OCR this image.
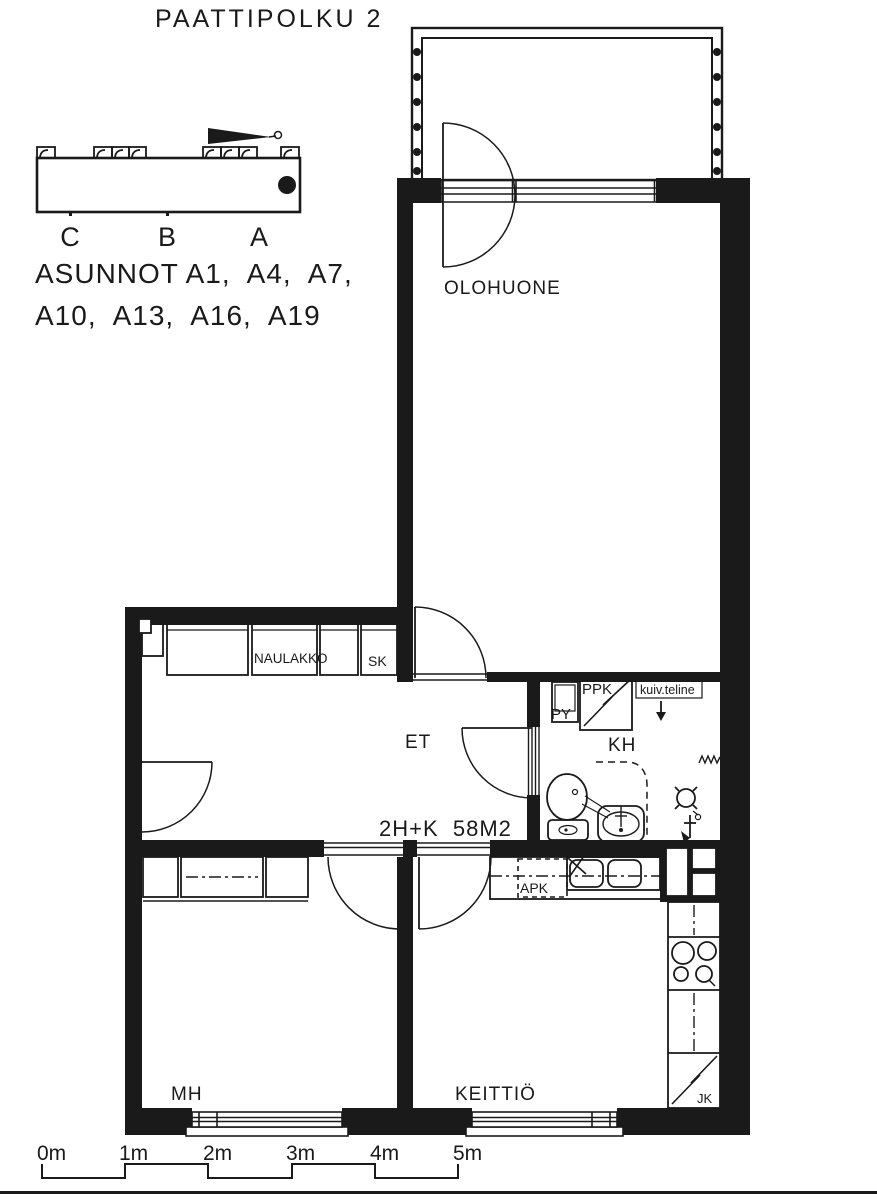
PAATTIPOLKU 2
C	B	A
ASUNNOT A1,  A4,  A7,
A10,  A13,  A16,  A19
NAULAKKO	SK
PY
PPK kuiv.teline
APK
JK
OLOHUONE
ET	KH
MH	KEITTIÖ
2H+K  58M2
0m	1m	2m	3m	4m	5m
